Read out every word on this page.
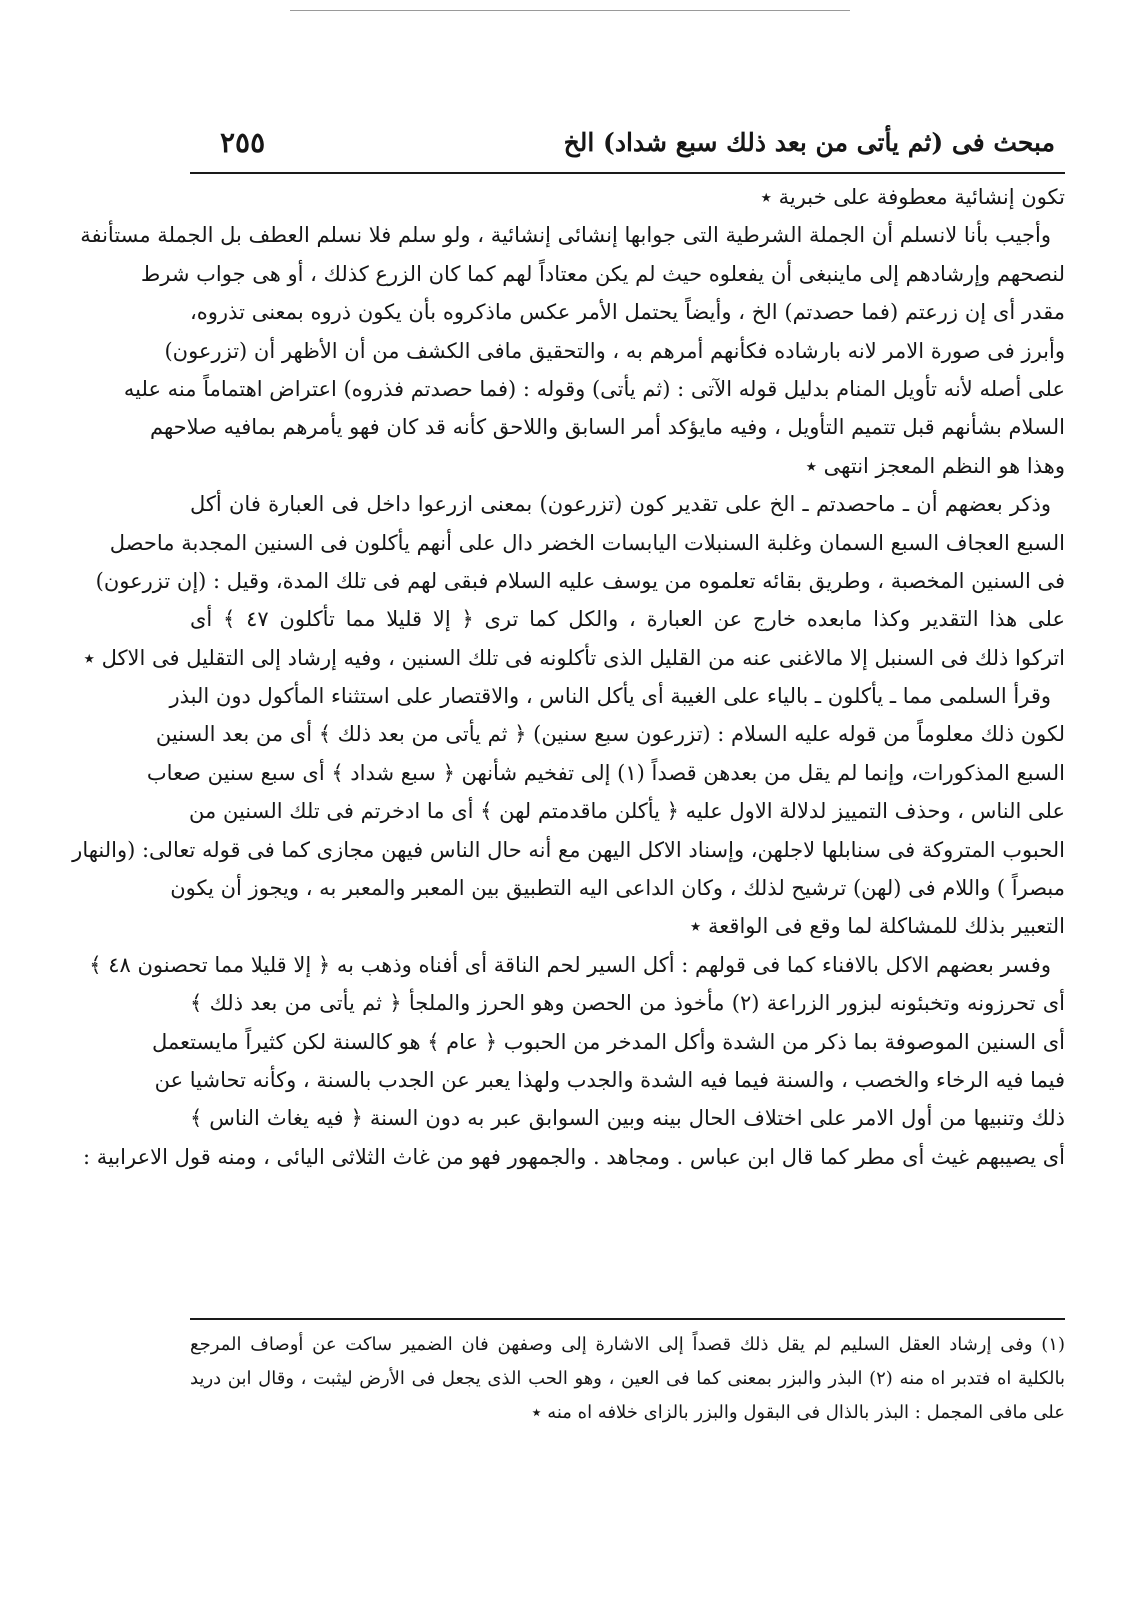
مبحث فى (ثم يأتى من بعد ذلك سبع شداد) الخ
٢٥٥
تكون إنشائية معطوفة على خبرية ٭
وأجيب بأنا لانسلم أن الجملة الشرطية التى جوابها إنشائى إنشائية ، ولو سلم فلا نسلم العطف بل الجملة مستأنفة
لنصحهم وإرشادهم إلى ماينبغى أن يفعلوه حيث لم يكن معتاداً لهم كما كان الزرع كذلك ، أو هى جواب شرط
مقدر أى إن زرعتم (فما حصدتم) الخ ، وأيضاً يحتمل الأمر عكس ماذكروه بأن يكون ذروه بمعنى تذروه،
وأبرز فى صورة الامر لانه بارشاده فكأنهم أمرهم به ، والتحقيق مافى الكشف من أن الأظهر أن (تزرعون)
على أصله لأنه تأويل المنام بدليل قوله الآتى : (ثم يأتى) وقوله : (فما حصدتم فذروه) اعتراض اهتماماً منه عليه
السلام بشأنهم قبل تتميم التأويل ، وفيه مايؤكد أمر السابق واللاحق كأنه قد كان فهو يأمرهم بمافيه صلاحهم
وهذا هو النظم المعجز انتهى ٭
وذكر بعضهم أن ـ ماحصدتم ـ الخ على تقدير كون (تزرعون) بمعنى ازرعوا داخل فى العبارة فان أكل
السبع العجاف السبع السمان وغلبة السنبلات اليابسات الخضر دال على أنهم يأكلون فى السنين المجدبة ماحصل
فى السنين المخصبة ، وطريق بقائه تعلموه من يوسف عليه السلام فبقى لهم فى تلك المدة، وقيل : (إن تزرعون)
على هذا التقدير وكذا مابعده خارج عن العبارة ، والكل كما ترى ﴿ إلا قليلا مما تأكلون ٤٧ ﴾ أى
اتركوا ذلك فى السنبل إلا مالاغنى عنه من القليل الذى تأكلونه فى تلك السنين ، وفيه إرشاد إلى التقليل فى الاكل ٭
وقرأ السلمى مما ـ يأكلون ـ بالياء على الغيبة أى يأكل الناس ، والاقتصار على استثناء المأكول دون البذر
لكون ذلك معلوماً من قوله عليه السلام : (تزرعون سبع سنين) ﴿ ثم يأتى من بعد ذلك ﴾ أى من بعد السنين
السبع المذكورات، وإنما لم يقل من بعدهن قصداً (١) إلى تفخيم شأنهن ﴿ سبع شداد ﴾ أى سبع سنين صعاب
على الناس ، وحذف التمييز لدلالة الاول عليه ﴿ يأكلن ماقدمتم لهن ﴾ أى ما ادخرتم فى تلك السنين من
الحبوب المتروكة فى سنابلها لاجلهن، وإسناد الاكل اليهن مع أنه حال الناس فيهن مجازى كما فى قوله تعالى: (والنهار
مبصراً ) واللام فى (لهن) ترشيح لذلك ، وكان الداعى اليه التطبيق بين المعبر والمعبر به ، ويجوز أن يكون
التعبير بذلك للمشاكلة لما وقع فى الواقعة ٭
وفسر بعضهم الاكل بالافناء كما فى قولهم : أكل السير لحم الناقة أى أفناه وذهب به ﴿ إلا قليلا مما تحصنون ٤٨ ﴾
أى تحرزونه وتخبئونه لبزور الزراعة (٢) مأخوذ من الحصن وهو الحرز والملجأ ﴿ ثم يأتى من بعد ذلك ﴾
أى السنين الموصوفة بما ذكر من الشدة وأكل المدخر من الحبوب ﴿ عام ﴾ هو كالسنة لكن كثيراً مايستعمل
فيما فيه الرخاء والخصب ، والسنة فيما فيه الشدة والجدب ولهذا يعبر عن الجدب بالسنة ، وكأنه تحاشيا عن
ذلك وتنبيها من أول الامر على اختلاف الحال بينه وبين السوابق عبر به دون السنة ﴿ فيه يغاث الناس ﴾
أى يصيبهم غيث أى مطر كما قال ابن عباس . ومجاهد . والجمهور فهو من غاث الثلاثى اليائى ، ومنه قول الاعرابية :
(١) وفى إرشاد العقل السليم لم يقل ذلك قصداً إلى الاشارة إلى وصفهن فان الضمير ساكت عن أوصاف المرجع
بالكلية اه فتدبر اه منه (٢) البذر والبزر بمعنى كما فى العين ، وهو الحب الذى يجعل فى الأرض ليثبت ، وقال ابن دريد
على مافى المجمل : البذر بالذال فى البقول والبزر بالزاى خلافه اه منه ٭
